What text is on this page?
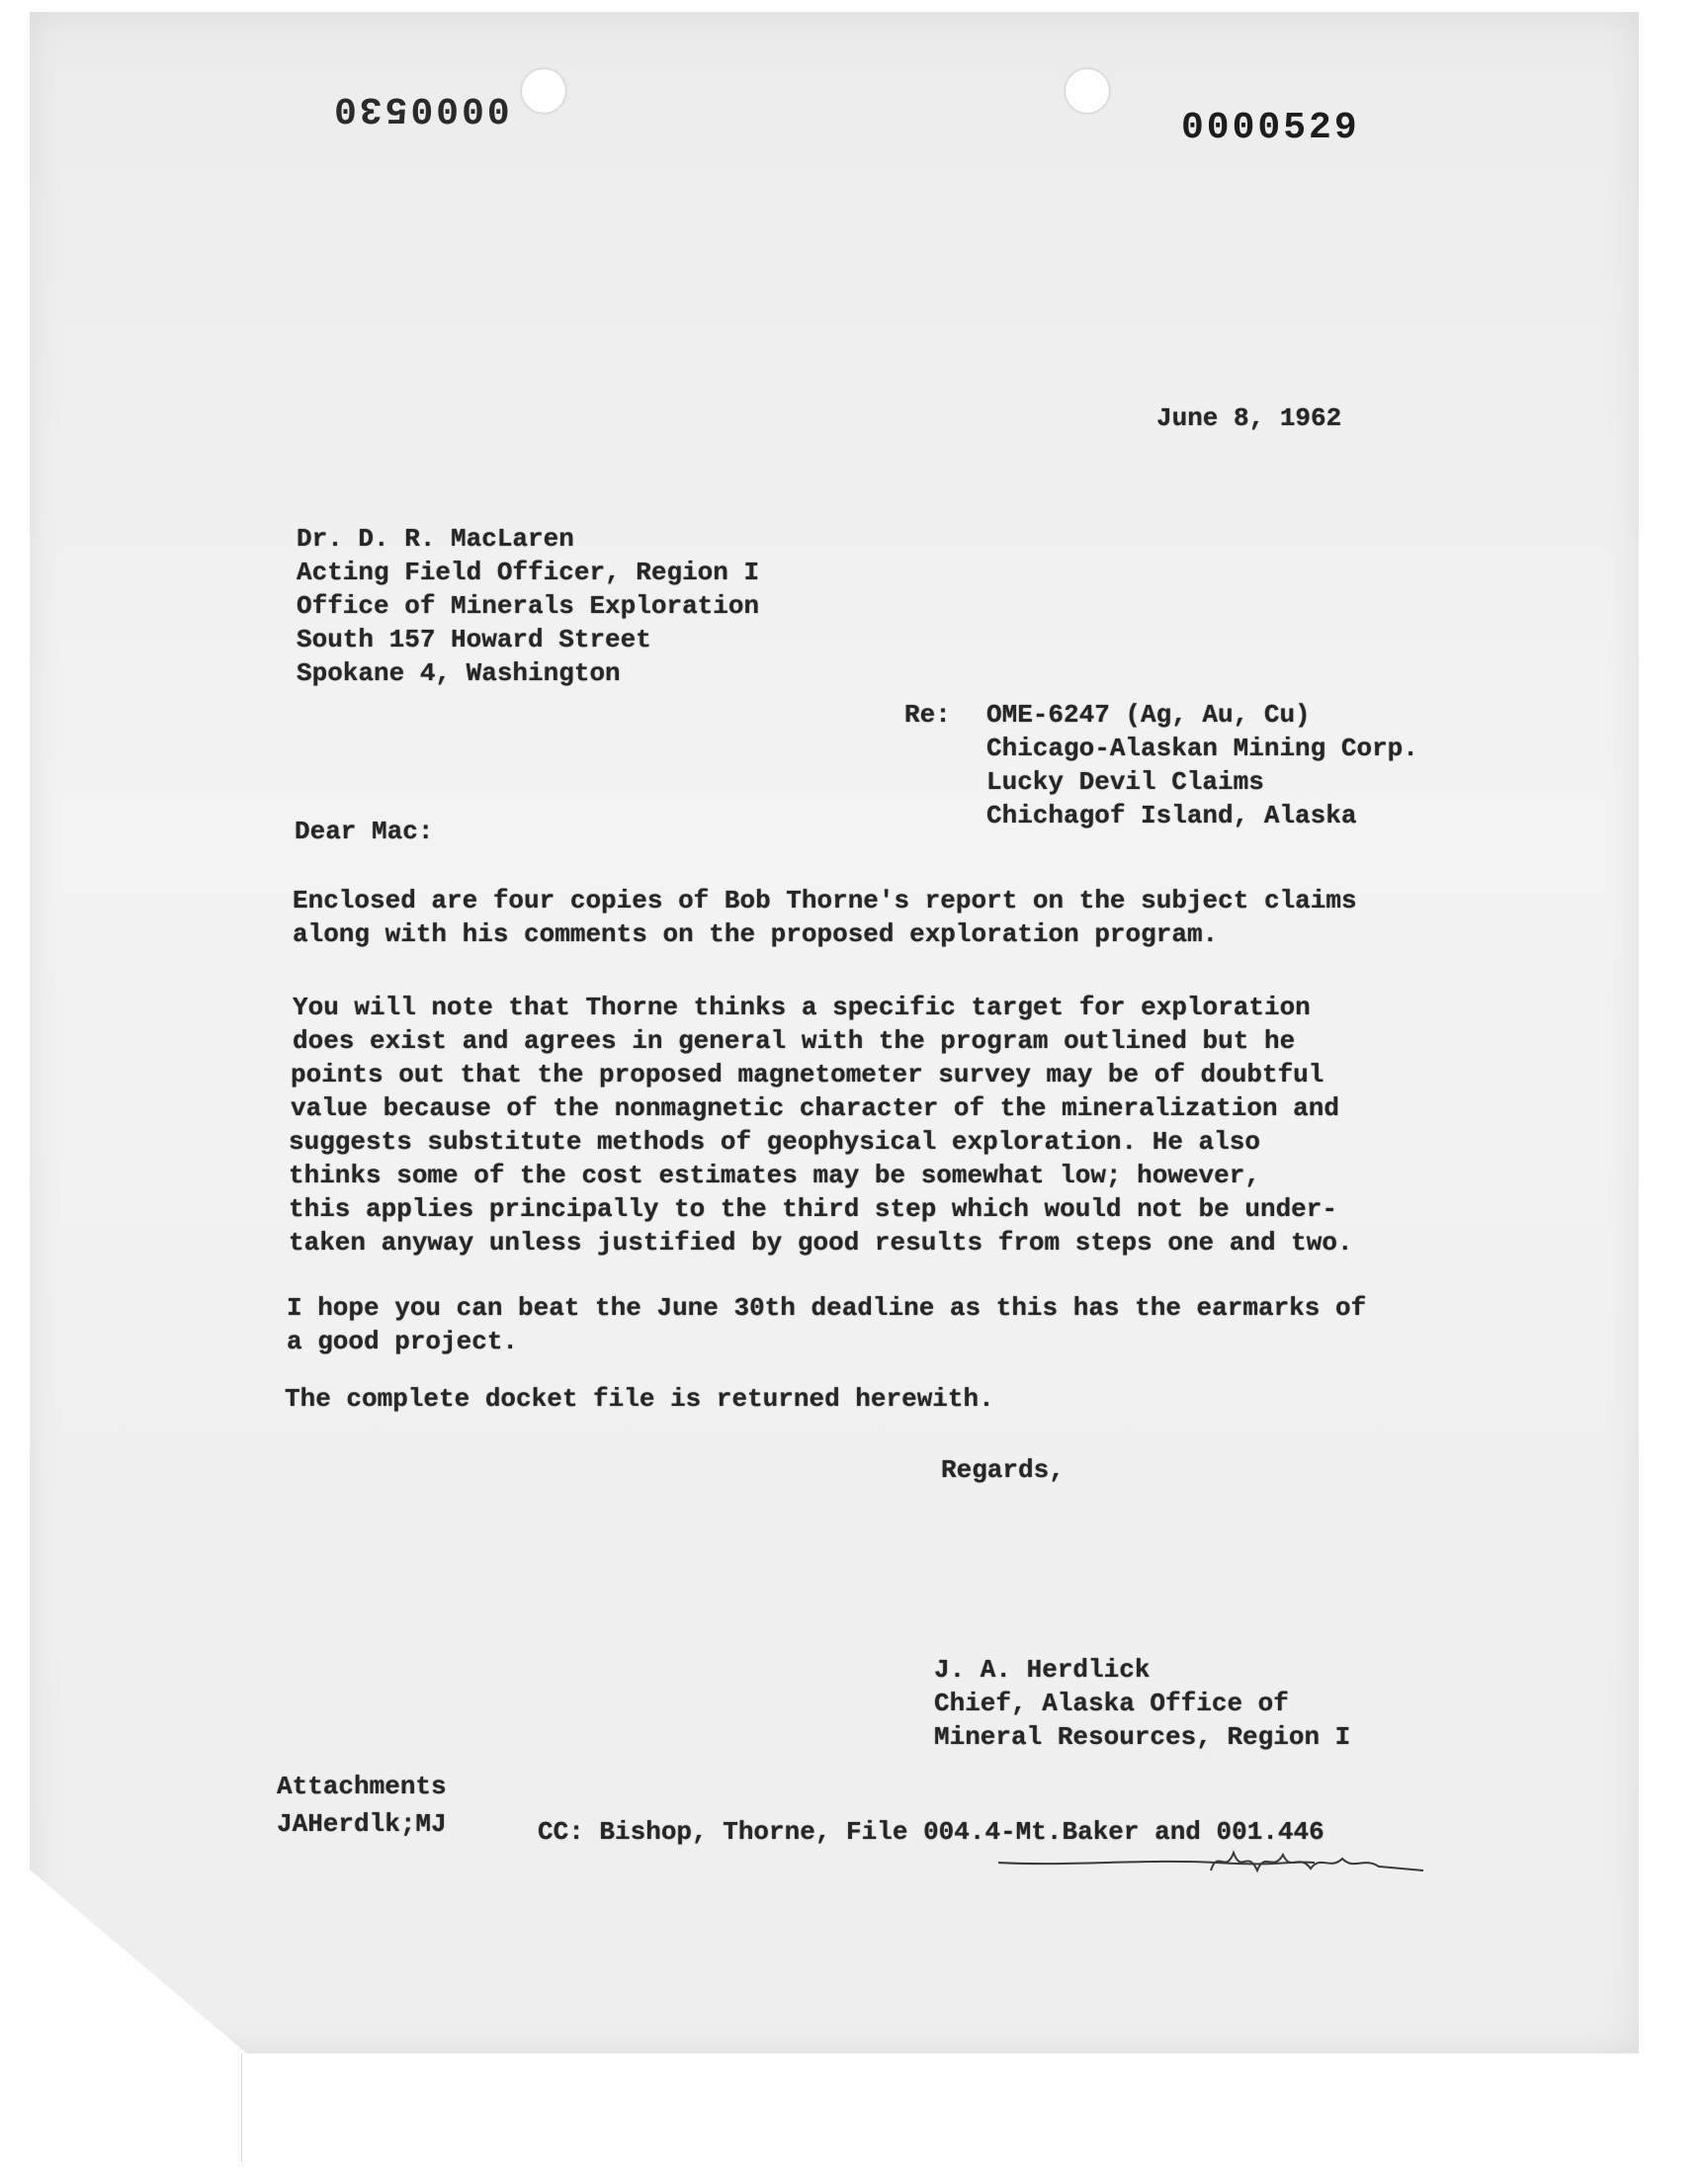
0000530	0000529
June 8, 1962
Dr. D. R. MacLaren
Acting Field Officer, Region I
Office of Minerals Exploration
South 157 Howard Street
Spokane 4, Washington
Re: OME-6247 (Ag, Au, Cu)
Chicago-Alaskan Mining Corp.
Lucky Devil Claims
Chichagof Island, Alaska
Dear Mac:
Enclosed are four copies of Bob Thorne's report on the subject claims
along with his comments on the proposed exploration program.
You will note that Thorne thinks a specific target for exploration
does exist and agrees in general with the program outlined but he
points out that the proposed magnetometer survey may be of doubtful
value because of the nonmagnetic character of the mineralization and
suggests substitute methods of geophysical exploration. He also
thinks some of the cost estimates may be somewhat low; however,
this applies principally to the third step which would not be under-
taken anyway unless justified by good results from steps one and two.
I hope you can beat the June 30th deadline as this has the earmarks of
a good project.
The complete docket file is returned herewith.
Regards,
J. A. Herdlick
Chief, Alaska Office of
Mineral Resources, Region I
Attachments
JAHerdlk;MJ	CC: Bishop, Thorne, File 004.4-Mt.Baker and 001.446
